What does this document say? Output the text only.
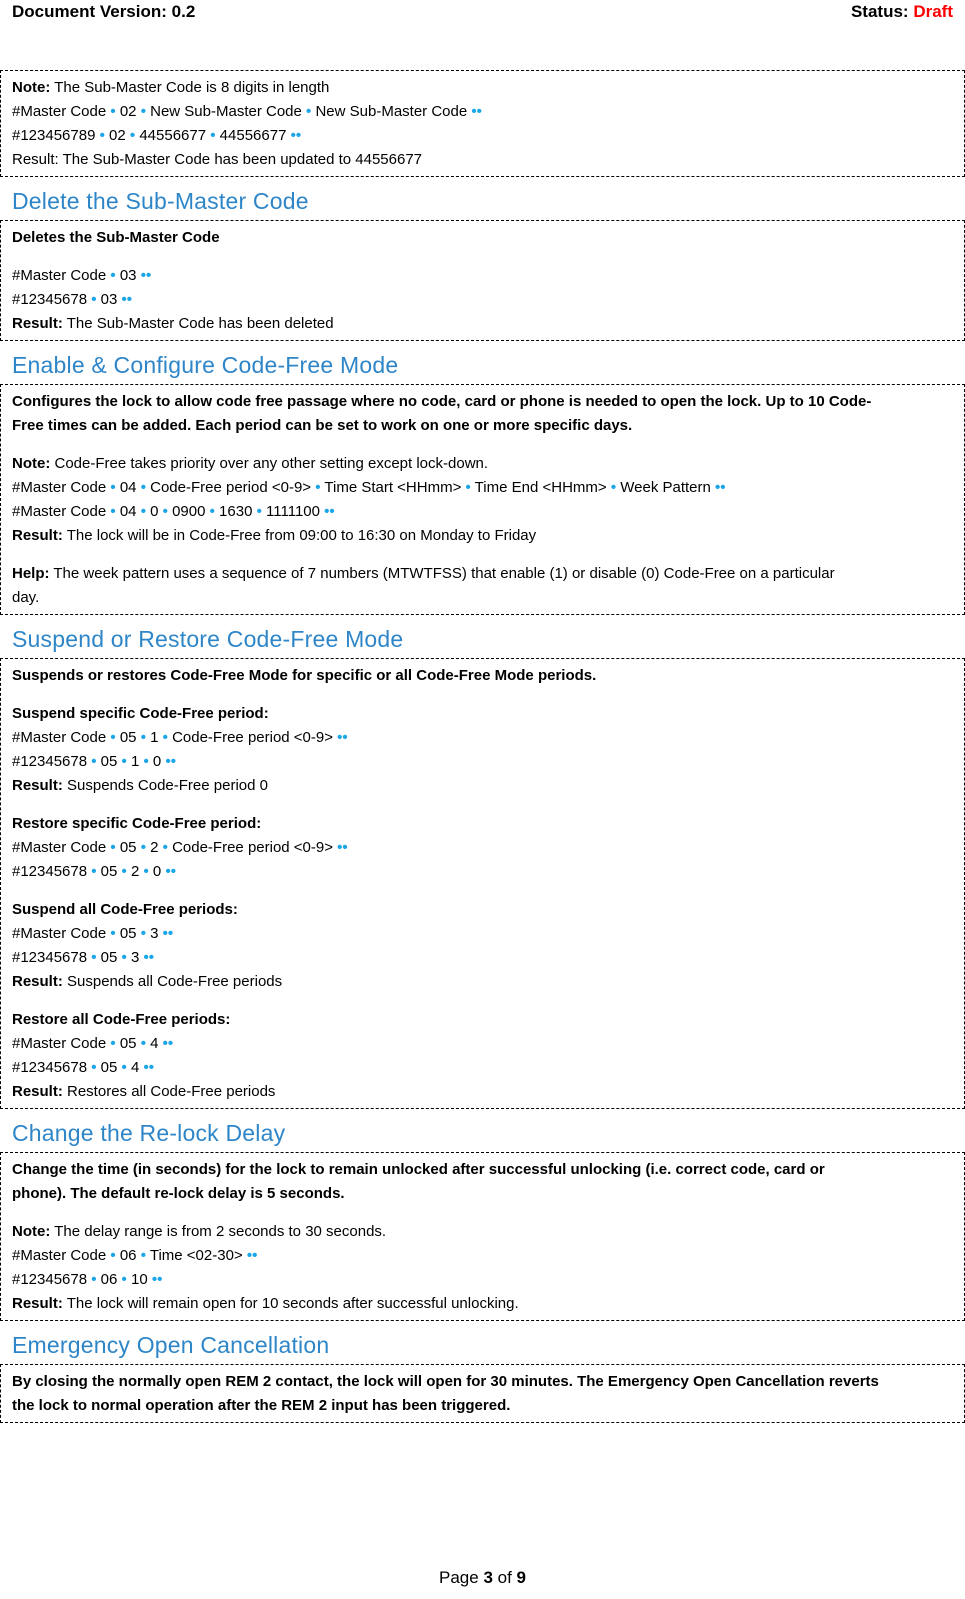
Document Version: 0.2	Status: Draft
Note: The Sub-Master Code is 8 digits in length
#Master Code • 02 • New Sub-Master Code • New Sub-Master Code ••
#123456789 • 02 • 44556677 • 44556677 ••
Result: The Sub-Master Code has been updated to 44556677
Delete the Sub-Master Code
Deletes the Sub-Master Code
#Master Code • 03 ••
#12345678 • 03 ••
Result: The Sub-Master Code has been deleted
Enable & Configure Code-Free Mode
Configures the lock to allow code free passage where no code, card or phone is needed to open the lock. Up to 10 Code-
Free times can be added. Each period can be set to work on one or more specific days.
Note: Code-Free takes priority over any other setting except lock-down.
#Master Code • 04 • Code-Free period <0-9> • Time Start <HHmm> • Time End <HHmm> • Week Pattern ••
#Master Code • 04 • 0 • 0900 • 1630 • 1111100 ••
Result: The lock will be in Code-Free from 09:00 to 16:30 on Monday to Friday
Help: The week pattern uses a sequence of 7 numbers (MTWTFSS) that enable (1) or disable (0) Code-Free on a particular
day.
Suspend or Restore Code-Free Mode
Suspends or restores Code-Free Mode for specific or all Code-Free Mode periods.
Suspend specific Code-Free period:
#Master Code • 05 • 1 • Code-Free period <0-9> ••
#12345678 • 05 • 1 • 0 ••
Result: Suspends Code-Free period 0
Restore specific Code-Free period:
#Master Code • 05 • 2 • Code-Free period <0-9> ••
#12345678 • 05 • 2 • 0 ••
Suspend all Code-Free periods:
#Master Code • 05 • 3 ••
#12345678 • 05 • 3 ••
Result: Suspends all Code-Free periods
Restore all Code-Free periods:
#Master Code • 05 • 4 ••
#12345678 • 05 • 4 ••
Result: Restores all Code-Free periods
Change the Re-lock Delay
Change the time (in seconds) for the lock to remain unlocked after successful unlocking (i.e. correct code, card or
phone). The default re-lock delay is 5 seconds.
Note: The delay range is from 2 seconds to 30 seconds.
#Master Code • 06 • Time <02-30> ••
#12345678 • 06 • 10 ••
Result: The lock will remain open for 10 seconds after successful unlocking.
Emergency Open Cancellation
By closing the normally open REM 2 contact, the lock will open for 30 minutes. The Emergency Open Cancellation reverts
the lock to normal operation after the REM 2 input has been triggered.
Page 3 of 9
